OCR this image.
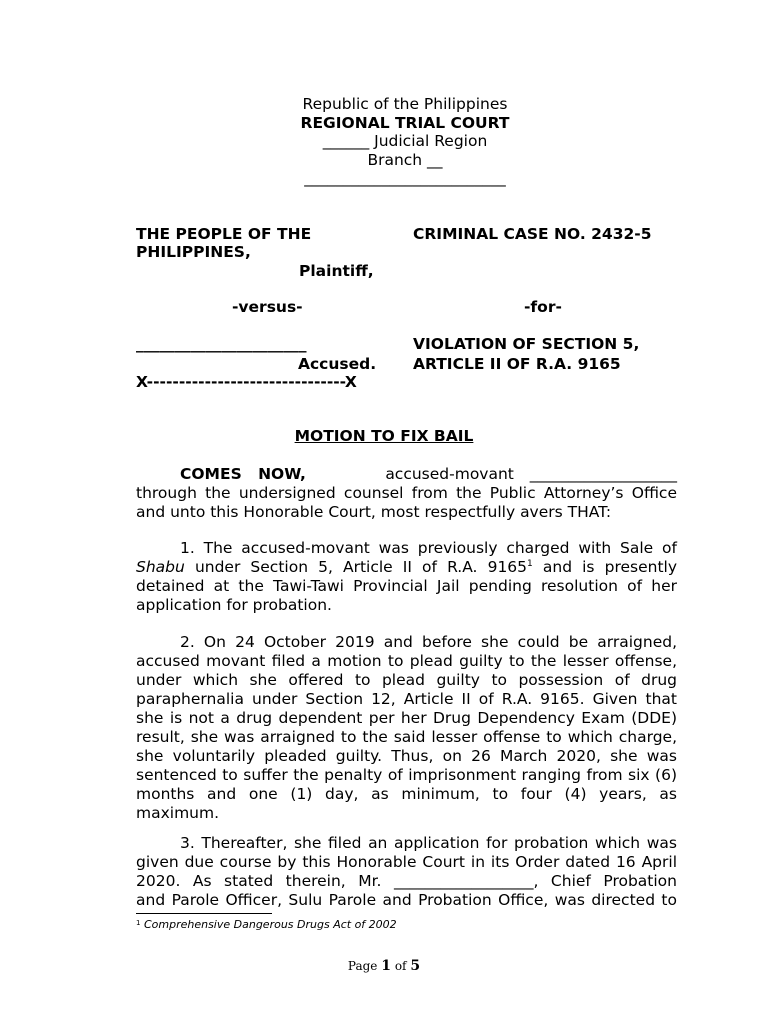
Republic of the Philippines
REGIONAL TRIAL COURT
______ Judicial Region
Branch __
__________________________
THE PEOPLE OF THE
PHILIPPINES,
Plaintiff,
-versus-
______________________
Accused.
X-------------------------------X
CRIMINAL CASE NO. 2432-5
-for-
VIOLATION OF SECTION 5,
ARTICLE II OF R.A. 9165
MOTION TO FIX BAIL
COMES NOW,	accused-movant ___________________
through the undersigned counsel from the Public Attorney’s Office
and unto this Honorable Court, most respectfully avers THAT:
1. The accused-movant was previously charged with Sale of
Shabu under Section 5, Article II of R.A. 9165$^1$ and is presently
detained at the Tawi-Tawi Provincial Jail pending resolution of her
application for probation.
2. On 24 October 2019 and before she could be arraigned,
accused movant filed a motion to plead guilty to the lesser offense,
under which she offered to plead guilty to possession of drug
paraphernalia under Section 12, Article II of R.A. 9165. Given that
she is not a drug dependent per her Drug Dependency Exam (DDE)
result, she was arraigned to the said lesser offense to which charge,
she voluntarily pleaded guilty. Thus, on 26 March 2020, she was
sentenced to suffer the penalty of imprisonment ranging from six (6)
months and one (1) day, as minimum, to four (4) years, as
maximum.
3. Thereafter, she filed an application for probation which was
given due course by this Honorable Court in its Order dated 16 April
2020. As stated therein, Mr. __________________, Chief Probation
and Parole Officer, Sulu Parole and Probation Office, was directed to
$^1$ Comprehensive Dangerous Drugs Act of 2002
Page 1 of 5
